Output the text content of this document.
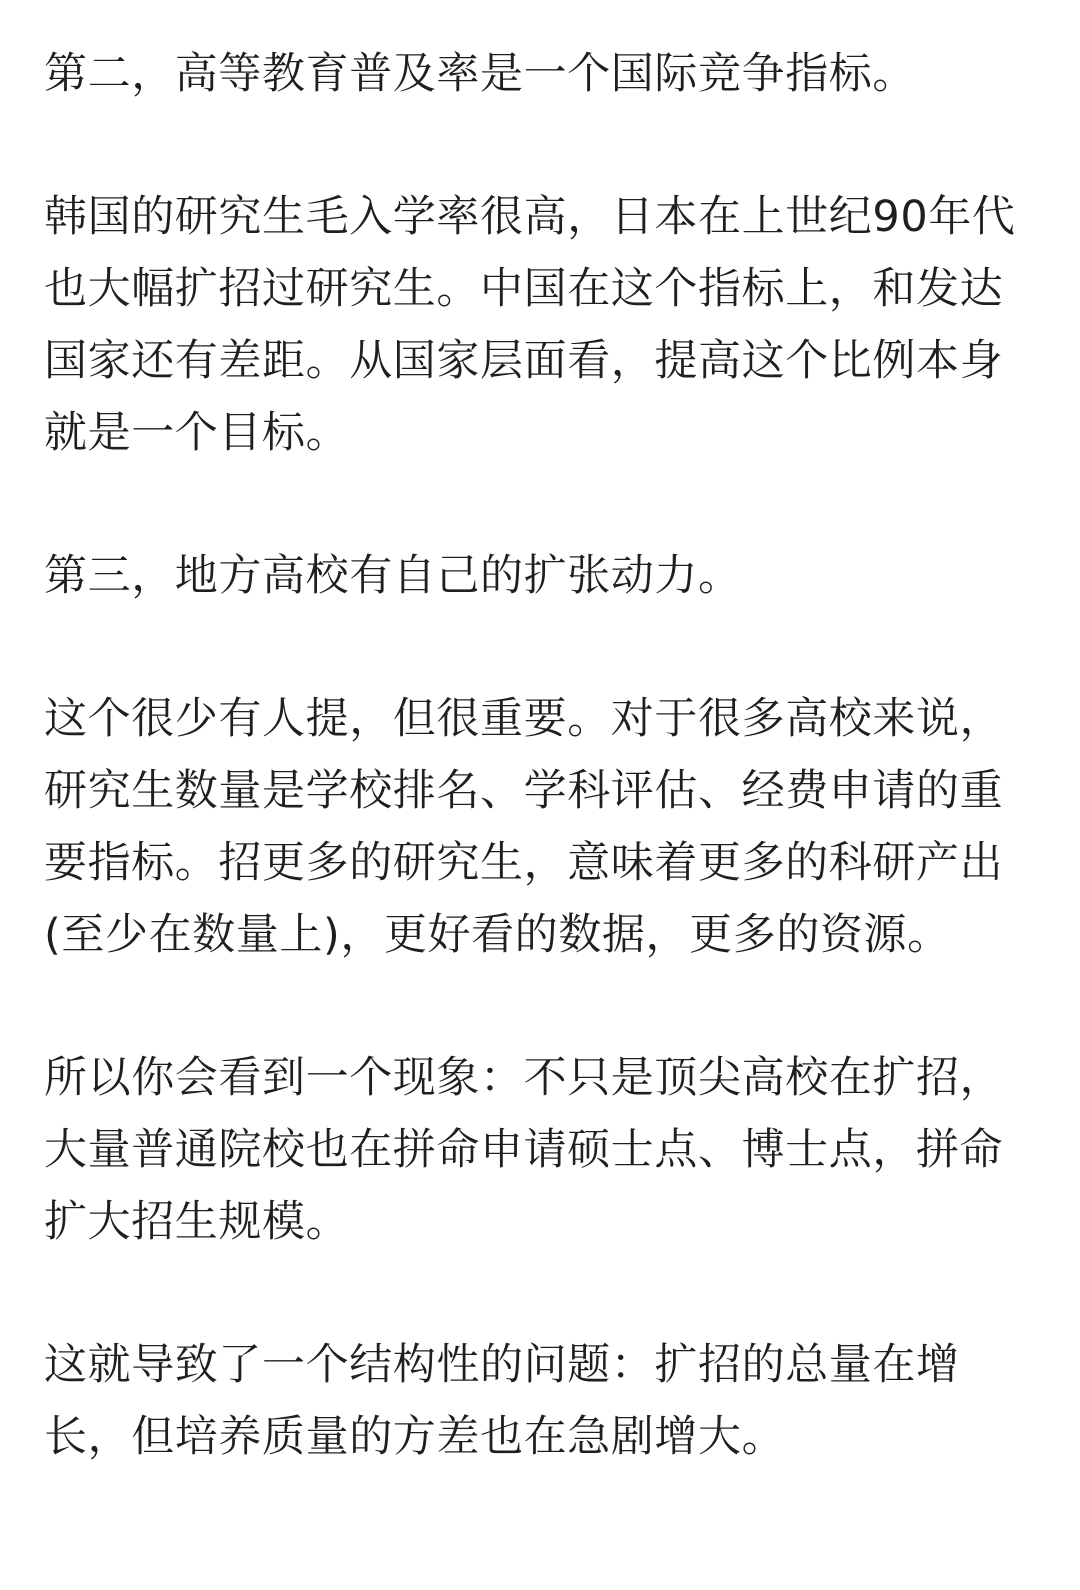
第二，高等教育普及率是一个国际竞争指标。

韩国的研究生毛入学率很高，日本在上世纪90年代也大幅扩招过研究生。中国在这个指标上，和发达国家还有差距。从国家层面看，提高这个比例本身就是一个目标。

第三，地方高校有自己的扩张动力。

这个很少有人提，但很重要。对于很多高校来说，研究生数量是学校排名、学科评估、经费申请的重要指标。招更多的研究生，意味着更多的科研产出 (至少在数量上)，更好看的数据，更多的资源。

所以你会看到一个现象：不只是顶尖高校在扩招，大量普通院校也在拼命申请硕士点、博士点，拼命扩大招生规模。

这就导致了一个结构性的问题：扩招的总量在增长，但培养质量的方差也在急剧增大。
